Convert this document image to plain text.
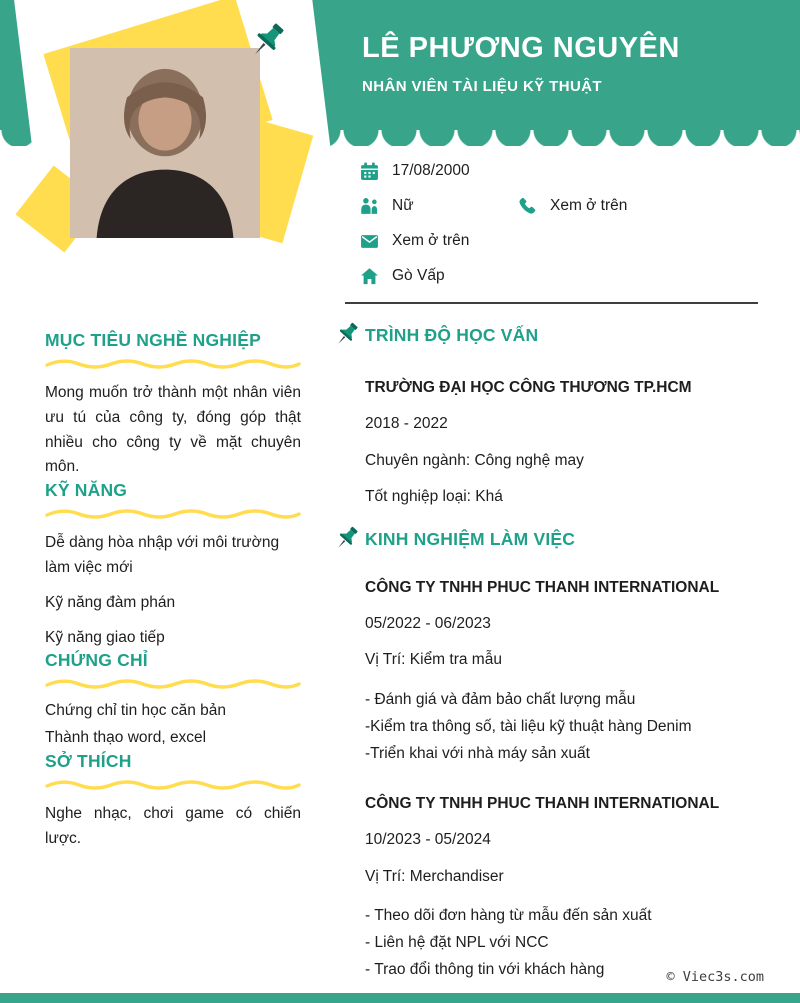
LÊ PHƯƠNG NGUYÊN
NHÂN VIÊN TÀI LIỆU KỸ THUẬT
17/08/2000
Nữ	Xem ở trên
Xem ở trên
Gò Vấp
MỤC TIÊU NGHỀ NGHIỆP

Mong muốn trở thành một nhân viên ưu tú của công ty, đóng góp thật nhiều cho công ty về mặt chuyên môn.

KỸ NĂNG

Dễ dàng hòa nhập với môi trường làm việc mới

Kỹ năng đàm phán

Kỹ năng giao tiếp

CHỨNG CHỈ

Chứng chỉ tin học căn bản

Thành thạo word, excel

SỞ THÍCH

Nghe nhạc, chơi game có chiến lược.

TRÌNH ĐỘ HỌC VẤN

TRƯỜNG ĐẠI HỌC CÔNG THƯƠNG TP.HCM

2018 - 2022

Chuyên ngành: Công nghệ may

Tốt nghiệp loại: Khá

KINH NGHIỆM LÀM VIỆC

CÔNG TY TNHH PHUC THANH INTERNATIONAL

05/2022 - 06/2023

Vị Trí: Kiểm tra mẫu

- Đánh giá và đảm bảo chất lượng mẫu

-Kiểm tra thông số, tài liệu kỹ thuật hàng Denim

-Triển khai với nhà máy sản xuất

CÔNG TY TNHH PHUC THANH INTERNATIONAL

10/2023 - 05/2024

Vị Trí: Merchandiser

- Theo dõi đơn hàng từ mẫu đến sản xuất

- Liên hệ đặt NPL với NCC

- Trao đổi thông tin với khách hàng	© Viec3s.com
